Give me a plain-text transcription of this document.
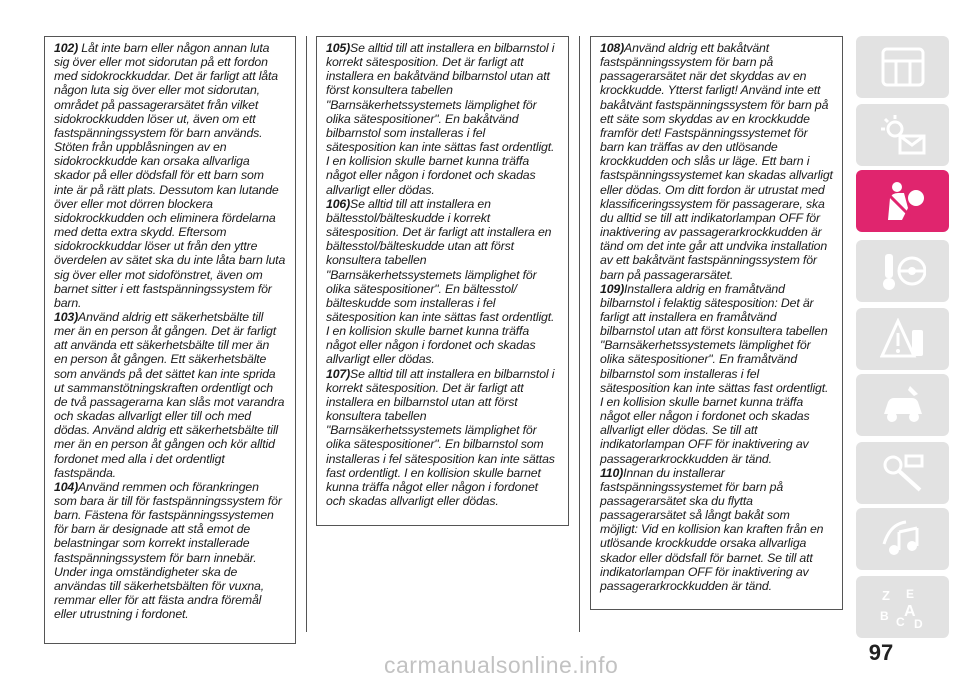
102) Låt inte barn eller någon annan luta
sig över eller mot sidorutan på ett fordon
med sidokrockkuddar. Det är farligt att låta
någon luta sig över eller mot sidorutan,
området på passagerarsätet från vilket
sidokrockkudden löser ut, även om ett
fastspänningssystem för barn används.
Stöten från uppblåsningen av en
sidokrockkudde kan orsaka allvarliga
skador på eller dödsfall för ett barn som
inte är på rätt plats. Dessutom kan lutande
över eller mot dörren blockera
sidokrockkudden och eliminera fördelarna
med detta extra skydd. Eftersom
sidokrockkuddar löser ut från den yttre
överdelen av sätet ska du inte låta barn luta
sig över eller mot sidofönstret, även om
barnet sitter i ett fastspänningssystem för
barn.
103)Använd aldrig ett säkerhetsbälte till
mer än en person åt gången. Det är farligt
att använda ett säkerhetsbälte till mer än
en person åt gången. Ett säkerhetsbälte
som används på det sättet kan inte sprida
ut sammanstötningskraften ordentligt och
de två passagerarna kan slås mot varandra
och skadas allvarligt eller till och med
dödas. Använd aldrig ett säkerhetsbälte till
mer än en person åt gången och kör alltid
fordonet med alla i det ordentligt
fastspända.
104)Använd remmen och förankringen
som bara är till för fastspänningssystem för
barn. Fästena för fastspänningssystemen
för barn är designade att stå emot de
belastningar som korrekt installerade
fastspänningssystem för barn innebär.
Under inga omständigheter ska de
användas till säkerhetsbälten för vuxna,
remmar eller för att fästa andra föremål
eller utrustning i fordonet.
105)Se alltid till att installera en bilbarnstol i
korrekt sätesposition. Det är farligt att
installera en bakåtvänd bilbarnstol utan att
först konsultera tabellen
"Barnsäkerhetssystemets lämplighet för
olika sätespositioner". En bakåtvänd
bilbarnstol som installeras i fel
sätesposition kan inte sättas fast ordentligt.
I en kollision skulle barnet kunna träffa
något eller någon i fordonet och skadas
allvarligt eller dödas.
106)Se alltid till att installera en
bältesstol/bälteskudde i korrekt
sätesposition. Det är farligt att installera en
bältesstol/bälteskudde utan att först
konsultera tabellen
"Barnsäkerhetssystemets lämplighet för
olika sätespositioner". En bältesstol/
bälteskudde som installeras i fel
sätesposition kan inte sättas fast ordentligt.
I en kollision skulle barnet kunna träffa
något eller någon i fordonet och skadas
allvarligt eller dödas.
107)Se alltid till att installera en bilbarnstol i
korrekt sätesposition. Det är farligt att
installera en bilbarnstol utan att först
konsultera tabellen
"Barnsäkerhetssystemets lämplighet för
olika sätespositioner". En bilbarnstol som
installeras i fel sätesposition kan inte sättas
fast ordentligt. I en kollision skulle barnet
kunna träffa något eller någon i fordonet
och skadas allvarligt eller dödas.
108)Använd aldrig ett bakåtvänt
fastspänningssystem för barn på
passagerarsätet när det skyddas av en
krockkudde. Ytterst farligt! Använd inte ett
bakåtvänt fastspänningssystem för barn på
ett säte som skyddas av en krockkudde
framför det! Fastspänningssystemet för
barn kan träffas av den utlösande
krockkudden och slås ur läge. Ett barn i
fastspänningssystemet kan skadas allvarligt
eller dödas. Om ditt fordon är utrustat med
klassificeringssystem för passagerare, ska
du alltid se till att indikatorlampan OFF för
inaktivering av passagerarkrockkudden är
tänd om det inte går att undvika installation
av ett bakåtvänt fastspänningssystem för
barn på passagerarsätet.
109)Installera aldrig en framåtvänd
bilbarnstol i felaktig sätesposition: Det är
farligt att installera en framåtvänd
bilbarnstol utan att först konsultera tabellen
"Barnsäkerhetssystemets lämplighet för
olika sätespositioner". En framåtvänd
bilbarnstol som installeras i fel
sätesposition kan inte sättas fast ordentligt.
I en kollision skulle barnet kunna träffa
något eller någon i fordonet och skadas
allvarligt eller dödas. Se till att
indikatorlampan OFF för inaktivering av
passagerarkrockkudden är tänd.
110)Innan du installerar
fastspänningssystemet för barn på
passagerarsätet ska du flytta
passagerarsätet så långt bakåt som
möjligt: Vid en kollision kan kraften från en
utlösande krockkudde orsaka allvarliga
skador eller dödsfall för barnet. Se till att
indikatorlampan OFF för inaktivering av
passagerarkrockkudden är tänd.
Z E
B C
A
D
97
carmanualsonline.info
